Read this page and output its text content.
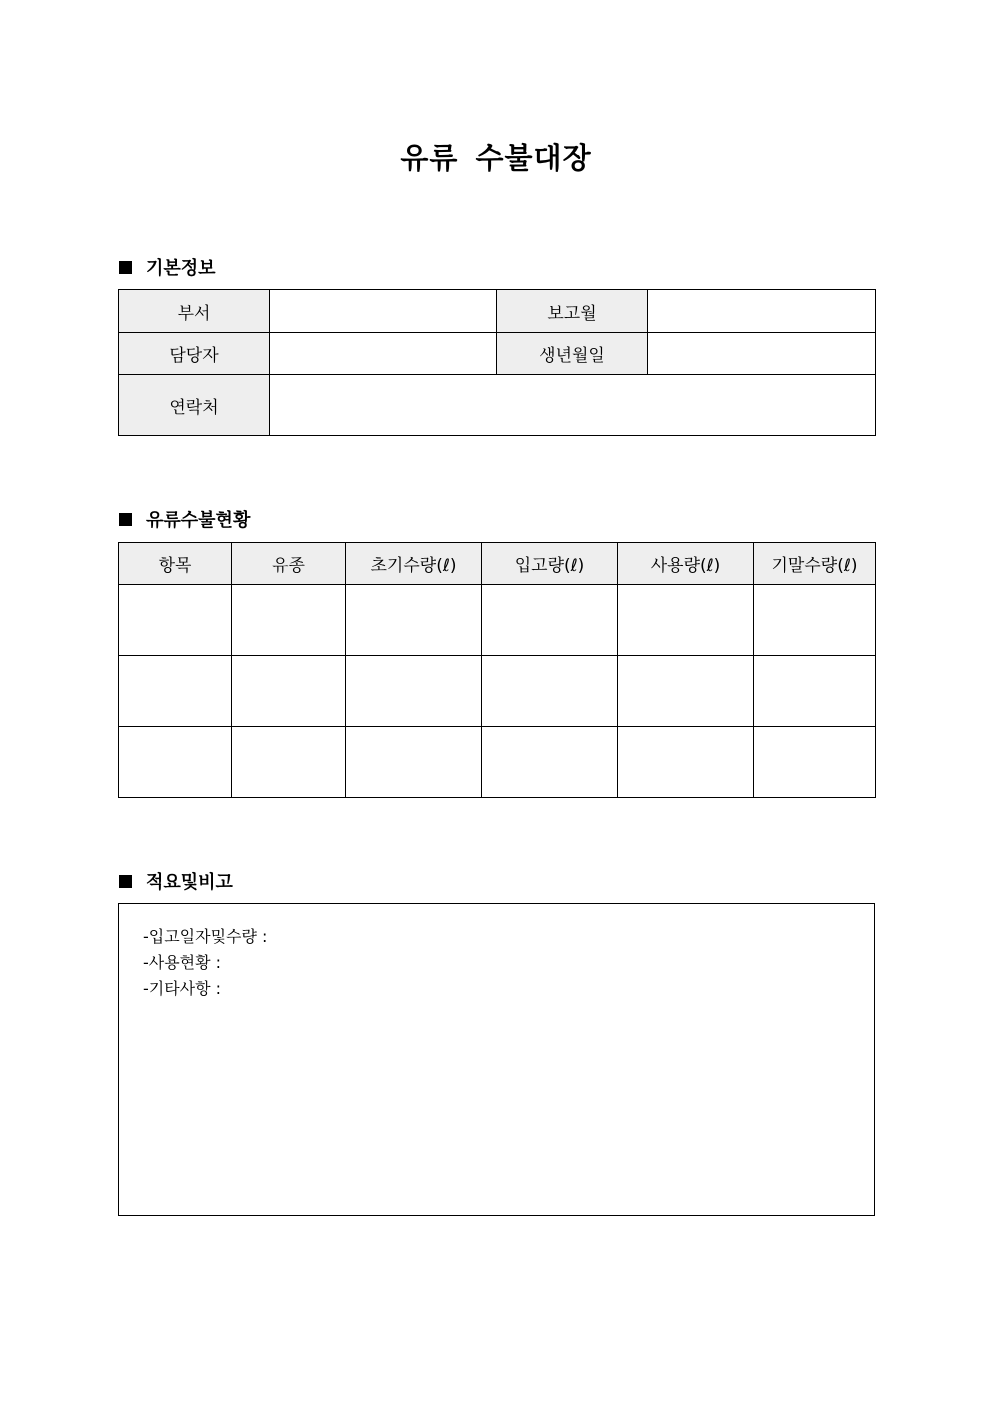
유류 수불대장
기본정보
부서		보고월	
담당자		생년월일	
연락처			
유류수불현황
항목	유종	초기수량(ℓ)	입고량(ℓ)	사용량(ℓ)	기말수량(ℓ)

적요및비고
-입고일자및수량 :
-사용현황 :
-기타사항 :
